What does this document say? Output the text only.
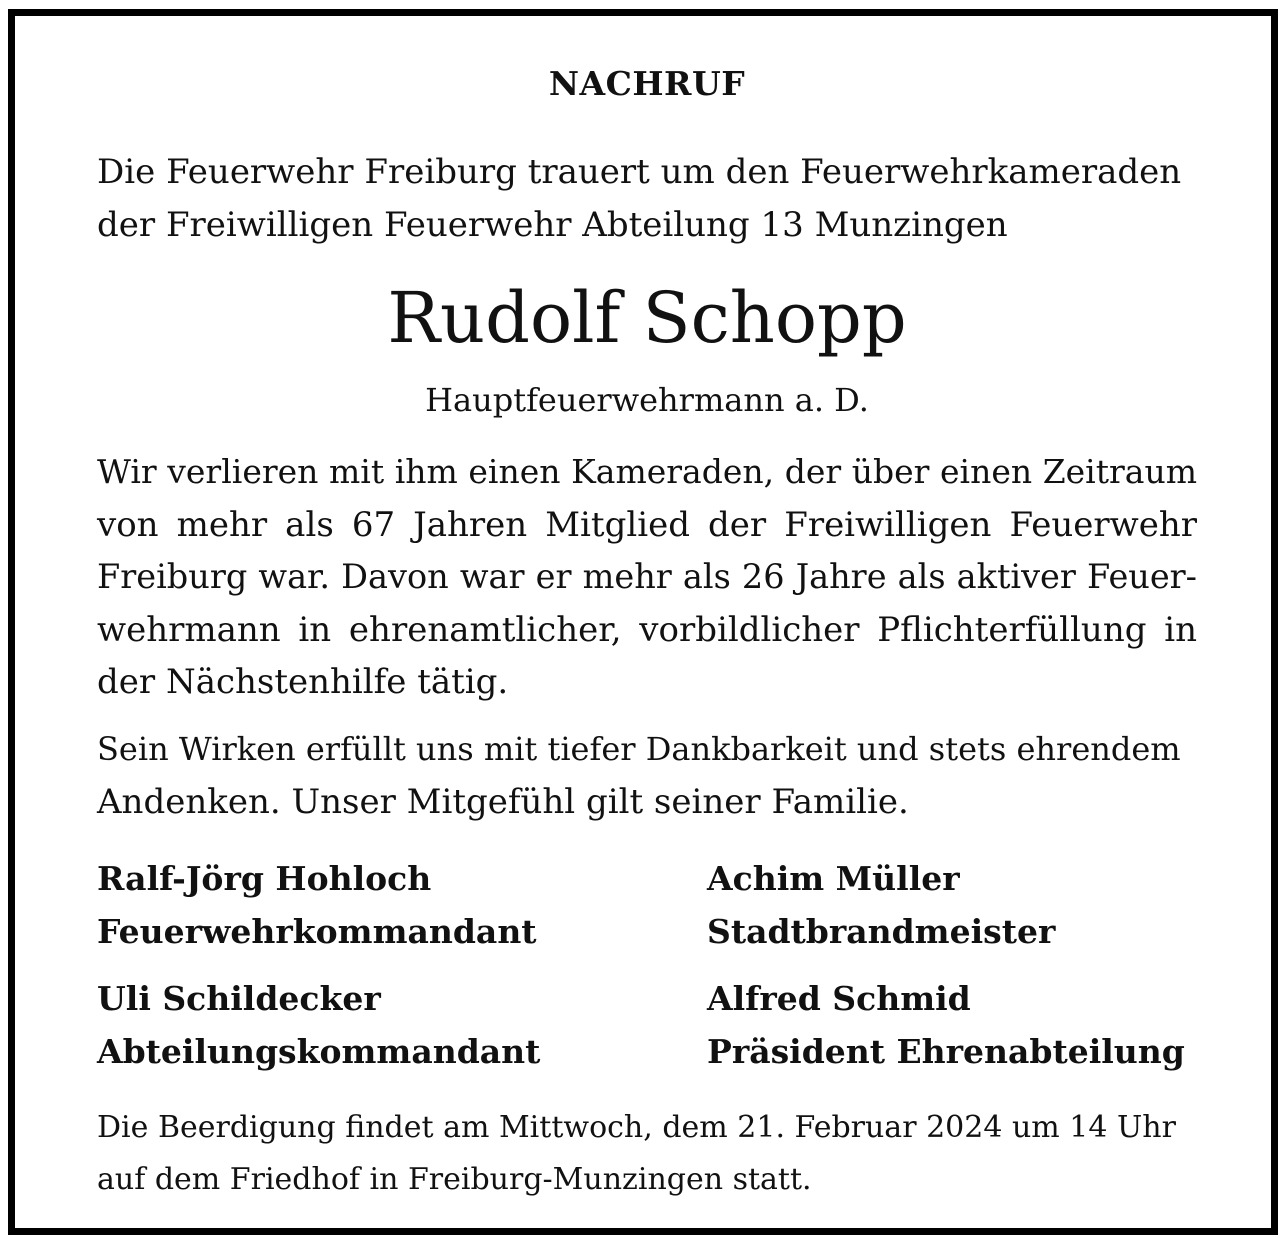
NACHRUF

Die Feuerwehr Freiburg trauert um den Feuerwehrkameraden
der Freiwilligen Feuerwehr Abteilung 13 Munzingen

Rudolf Schopp

Hauptfeuerwehrmann a. D.

Wir verlieren mit ihm einen Kameraden, der über einen Zeitraum
von mehr als 67 Jahren Mitglied der Freiwilligen Feuerwehr
Freiburg war. Davon war er mehr als 26 Jahre als aktiver Feuer-
wehrmann in ehrenamtlicher, vorbildlicher Pflichterfüllung in
der Nächstenhilfe tätig.

Sein Wirken erfüllt uns mit tiefer Dankbarkeit und stets ehrendem
Andenken. Unser Mitgefühl gilt seiner Familie.

Ralf-Jörg Hohloch
Feuerwehrkommandant
Achim Müller
Stadtbrandmeister
Uli Schildecker
Abteilungskommandant
Alfred Schmid
Präsident Ehrenabteilung

Die Beerdigung findet am Mittwoch, dem 21. Februar 2024 um 14 Uhr
auf dem Friedhof in Freiburg-Munzingen statt.
